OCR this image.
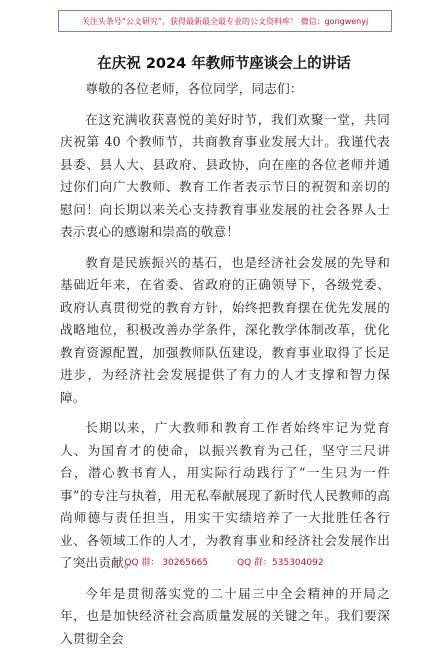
关注头条号“公文研究”，获得最新最全最专业的公文资料库！ 微信：gongwenyj
在庆祝 2024 年教师节座谈会上的讲话

尊敬的各位老师，各位同学，同志们：

在这充满收获喜悦的美好时节，我们欢聚一堂，共同庆祝第 40 个教师节，共商教育事业发展大计。我谨代表县委、县人大、县政府、县政协，向在座的各位老师并通过你们向广大教师、教育工作者表示节日的祝贺和亲切的慰问！向长期以来关心支持教育事业发展的社会各界人士表示衷心的感谢和崇高的敬意！

教育是民族振兴的基石，也是经济社会发展的先导和基础近年来，在省委、省政府的正确领导下，各级党委、政府认真贯彻党的教育方针，始终把教育摆在优先发展的战略地位，积极改善办学条件，深化教学体制改革，优化教育资源配置，加强教师队伍建设，教育事业取得了长足进步，为经济社会发展提供了有力的人才支撑和智力保障。

长期以来，广大教师和教育工作者始终牢记为党育人、为国育才的使命，以振兴教育为己任，坚守三尺讲台，潜心教书育人，用实际行动践行了“一生只为一件事”的专注与执着，用无私奉献展现了新时代人民教师的高尚师德与责任担当，用实干实绩培养了一大批胜任各行业、各领域工作的人才，为教育事业和经济社会发展作出了突出贡献。

今年是贯彻落实党的二十届三中全会精神的开局之年，也是加快经济社会高质量发展的关键之年。我们要深入贯彻全会

QQ 群： 30265665	QQ 群：535304092
